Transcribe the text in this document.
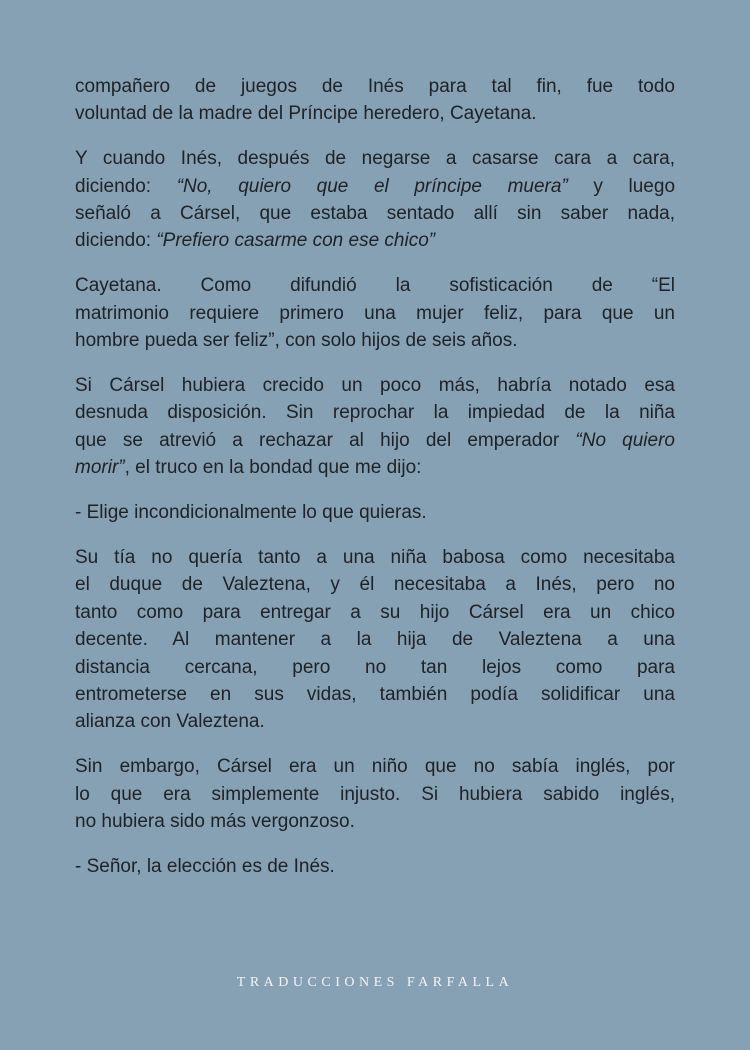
compañero de juegos de Inés para tal fin, fue todo
voluntad de la madre del Príncipe heredero, Cayetana.
Y cuando Inés, después de negarse a casarse cara a cara,
diciendo: “No, quiero que el príncipe muera” y luego
señaló a Cársel, que estaba sentado allí sin saber nada,
diciendo: “Prefiero casarme con ese chico”
Cayetana. Como difundió la sofisticación de “El
matrimonio requiere primero una mujer feliz, para que un
hombre pueda ser feliz”, con solo hijos de seis años.
Si Cársel hubiera crecido un poco más, habría notado esa
desnuda disposición. Sin reprochar la impiedad de la niña
que se atrevió a rechazar al hijo del emperador “No quiero
morir”, el truco en la bondad que me dijo:
- Elige incondicionalmente lo que quieras.
Su tía no quería tanto a una niña babosa como necesitaba
el duque de Valeztena, y él necesitaba a Inés, pero no
tanto como para entregar a su hijo Cársel era un chico
decente. Al mantener a la hija de Valeztena a una
distancia cercana, pero no tan lejos como para
entrometerse en sus vidas, también podía solidificar una
alianza con Valeztena.
Sin embargo, Cársel era un niño que no sabía inglés, por
lo que era simplemente injusto. Si hubiera sabido inglés,
no hubiera sido más vergonzoso.
- Señor, la elección es de Inés.
TRADUCCIONES FARFALLA
